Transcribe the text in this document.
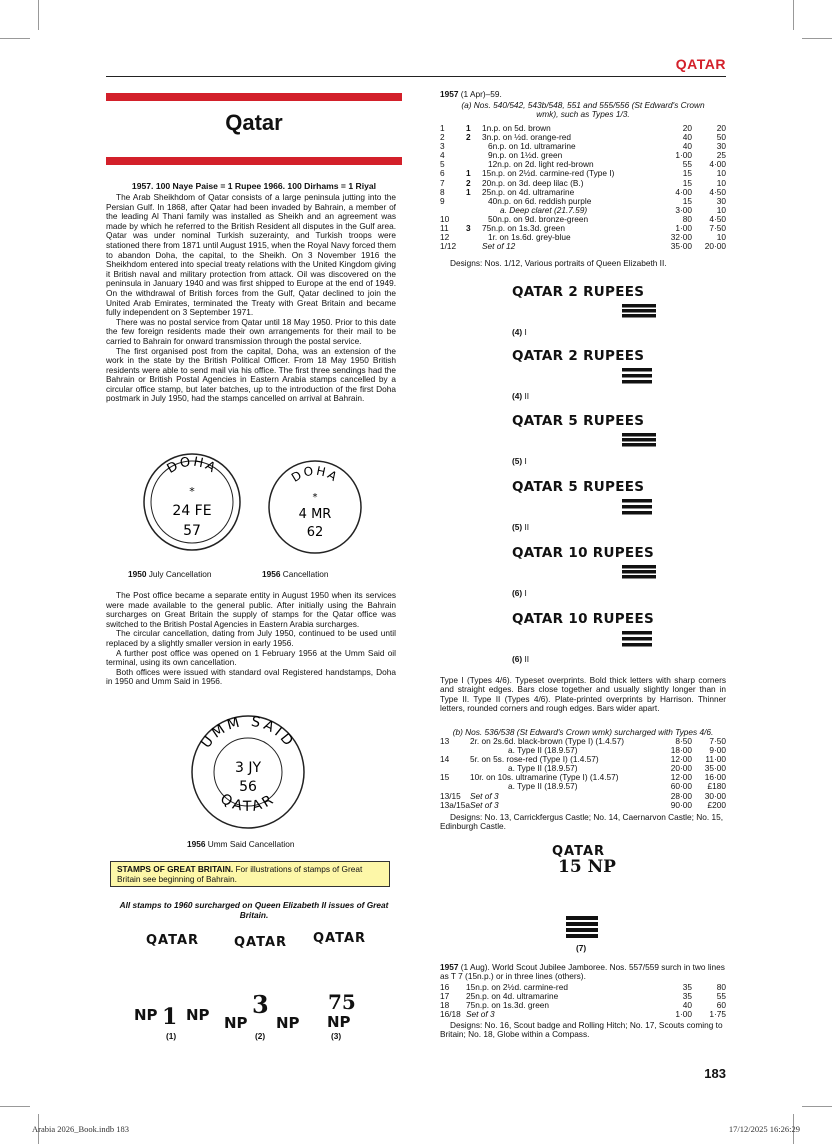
QATAR
Qatar
1957. 100 Naye Paise = 1 Rupee 1966. 100 Dirhams = 1 Riyal

The Arab Sheikhdom of Qatar consists of a large peninsula jutting into the Persian Gulf. In 1868, after Qatar had been invaded by Bahrain, a member of the leading Al Thani family was installed as Sheikh and an agreement was made by which he referred to the British Resident all disputes in the Gulf area. Qatar was under nominal Turkish suzerainty, and Turkish troops were stationed there from 1871 until August 1915, when the Royal Navy forced them to abandon Doha, the capital, to the Sheikh. On 3 November 1916 the Sheikhdom entered into special treaty relations with the United Kingdom giving it British naval and military protection from attack. Oil was discovered on the peninsula in January 1940 and was first shipped to Europe at the end of 1949. On the withdrawal of British forces from the Gulf, Qatar declined to join the United Arab Emirates, terminated the Treaty with Great Britain and became fully independent on 3 September 1971.

There was no postal service from Qatar until 18 May 1950. Prior to this date the few foreign residents made their own arrangements for their mail to be carried to Bahrain for onward transmission through the postal service.

The first organised post from the capital, Doha, was an extension of the work in the state by the British Political Officer. From 18 May 1950 British residents were able to send mail via his office. The first three sendings had the Bahrain or British Postal Agencies in Eastern Arabia stamps cancelled by a circular office stamp, but later batches, up to the introduction of the first Doha postmark in July 1950, had the stamps cancelled on arrival at Bahrain.

DOHA
*
24 FE
57
1950 July Cancellation
DOHA
*
4 MR
62
1956 Cancellation

The Post office became a separate entity in August 1950 when its services were made available to the general public. After initially using the Bahrain surcharges on Great Britain the supply of stamps for the Qatar office was switched to the British Postal Agencies in Eastern Arabia surcharges.

The circular cancellation, dating from July 1950, continued to be used until replaced by a slightly smaller version in early 1956.

A further post office was opened on 1 February 1956 at the Umm Said oil terminal, using its own cancellation.

Both offices were issued with standard oval Registered handstamps, Doha in 1950 and Umm Said in 1956.

UMM SAID
QATAR
3 JY
56
1956 Umm Said Cancellation
STAMPS OF GREAT BRITAIN. For illustrations of stamps of Great Britain see beginning of Bahrain.
All stamps to 1960 surcharged on Queen Elizabeth II issues of Great Britain.
QATAR	QATAR QATAR
NP 1 NP
(1)
NP
3
NP
(2)
75
NP
(3)
1957 (1 Apr)–59.
(a) Nos. 540/542, 543b/548, 551 and 555/556 (St Edward's Crown wmk), such as Types 1/3.
1	1	1n.p. on 5d. brown	20	20
2	2	3n.p. on ½d. orange-red	40	50
3		6n.p. on 1d. ultramarine	40	30
4		9n.p. on 1½d. green	1·00	25
5		12n.p. on 2d. light red-brown	55	4·00
6	1	15n.p. on 2½d. carmine-red (Type I)	15	10
7	2	20n.p. on 3d. deep lilac (B.)	15	10
8	1	25n.p. on 4d. ultramarine	4·00	4·50
9		40n.p. on 6d. reddish purple	15	30
		a. Deep claret (21.7.59)	3·00	10
10		50n.p. on 9d. bronze-green	80	4·50
11	3	75n.p. on 1s.3d. green	1·00	7·50
12		1r. on 1s.6d. grey-blue	32·00	10
1/12		Set of 12	35·00	20·00
Designs: Nos. 1/12, Various portraits of Queen Elizabeth II.
QATAR 2 RUPEES
(4) I
QATAR 2 RUPEES
(4) II
QATAR 5 RUPEES
(5) I
QATAR 5 RUPEES
(5) II
QATAR 10 RUPEES
(6) I
QATAR 10 RUPEES
(6) II
Type I (Types 4/6). Typeset overprints. Bold thick letters with sharp corners and straight edges. Bars close together and usually slightly longer than in Type II. Type II (Types 4/6). Plate-printed overprints by Harrison. Thinner letters, rounded corners and rough edges. Bars wider apart.
(b) Nos. 536/538 (St Edward's Crown wmk) surcharged with Types 4/6.
13	2r. on 2s.6d. black-brown (Type I) (1.4.57)	8·50	7·50
	a. Type II (18.9.57)	18·00	9·00
14	5r. on 5s. rose-red (Type I) (1.4.57)	12·00	11·00
	a. Type II (18.9.57)	20·00	35·00
15	10r. on 10s. ultramarine (Type I) (1.4.57)	12·00	16·00
	a. Type II (18.9.57)	60·00	£180
13/15	Set of 3	28·00	30·00
13a/15a	Set of 3	90·00	£200
Designs: No. 13, Carrickfergus Castle; No. 14, Caernarvon Castle; No. 15, Edinburgh Castle.
QATAR
15 NP
(7)
1957 (1 Aug). World Scout Jubilee Jamboree. Nos. 557/559 surch in two lines as T 7 (15n.p.) or in three lines (others).
16	15n.p. on 2½d. carmine-red	35	80
17	25n.p. on 4d. ultramarine	35	55
18	75n.p. on 1s.3d. green	40	60
16/18	Set of 3	1·00	1·75
Designs: No. 16, Scout badge and Rolling Hitch; No. 17, Scouts coming to Britain; No. 18, Globe within a Compass.
183
Arabia 2026_Book.indb 183	17/12/2025 16:26:29
